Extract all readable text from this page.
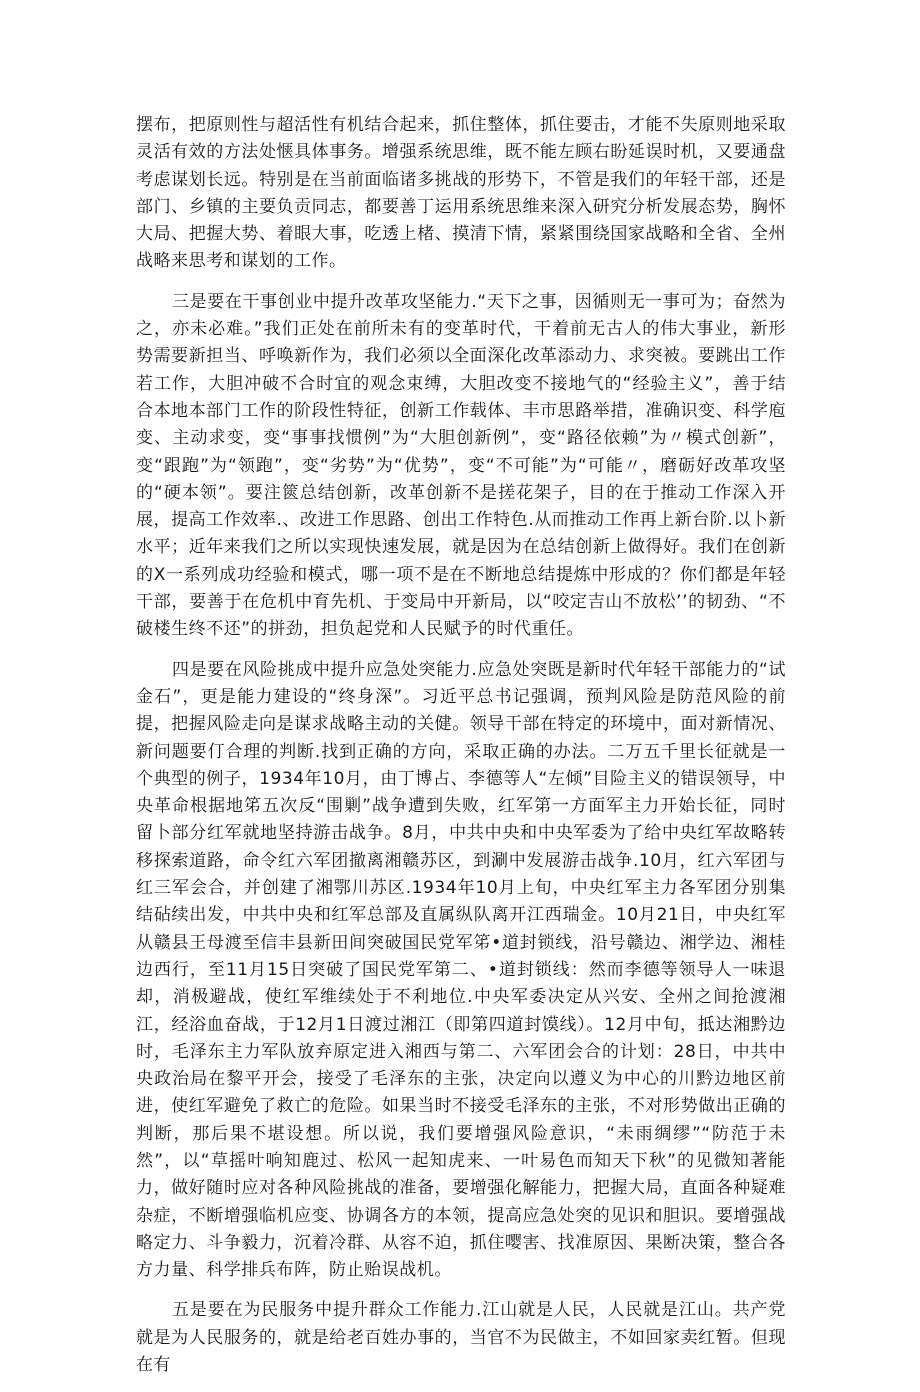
摆布，把原则性与超活性有机结合起来，抓住整体，抓住要击，才能不失原则地采取灵活有效的方法处惬具体事务。增强系统思维，既不能左顾右盼延误时机，又要通盘考虑谋划长远。特别是在当前面临诸多挑战的形势下，不管是我们的年轻干部，还是部门、乡镇的主要负贡同志，都要善丁运用系统思维来深入研究分析发展态势，胸怀大局、把握大势、着眼大事，吃透上楮、摸清下情，紧紧围绕国家战略和全省、全州战略来思考和谋划的工作。

三是要在干事创业中提升改革攻坚能力.“天下之事，因循则无一事可为；奋然为之，亦未必难。”我们正处在前所未有的变革时代，干着前无古人的伟大事业，新形势需要新担当、呼唤新作为，我们必须以全面深化改革添动力、求突被。要跳出工作若工作，大胆冲破不合时宜的观念束缚，大胆改变不接地气的“经验主义”，善于结合本地本部门工作的阶段性特征，创新工作载体、丰市思路举措，准确识变、科学庖变、主动求变，变“事事找惯例”为“大胆创新例”，变“路径依赖”为〃模式创新”，变“跟跑”为“领跑”，变“劣势”为“优势”，变“不可能”为“可能〃，磨砺好改革攻坚的“硬本领”。要注篋总结创新，改革创新不是搓花架子，目的在于推动工作深入开展，提高工作效率.、改进工作思路、创出工作特色.从而推动工作再上新台阶.以卜新水平；近年来我们之所以实现快速发展，就是因为在总结创新上做得好。我们在创新的X一系列成功经验和模式，哪一项不是在不断地总结提炼中形成的？你们都是年轻干部，要善于在危机中育先机、于变局中开新局，以“咬定吉山不放松’’的韧劲、“不破楼生终不还”的拼劲，担负起党和人民赋予的时代重任。

四是要在风险挑成中提升应急处突能力.应急处突既是新时代年轻干部能力的“试金石”，更是能力建设的“终身深”。习近平总书记强调，预判风险是防范风险的前提，把握风险走向是谋求战略主动的关健。领导干部在特定的环境中，面对新情况、新问题要仃合理的判断.找到正确的方向，采取正确的办法。二万五千里长征就是一个典型的例子，1934年10月，由丁博占、李德等人“左倾”目险主义的错误领导，中央革命根据地笫五次反“围剿”战争遭到失败，红军第一方面军主力开始长征，同时留卜部分红军就地坚持游击战争。8月，中共中央和中央军委为了给中央红军故略转移探索道路，命令红六军团撤离湘赣苏区，到涮中发展游击战争.10月，红六军团与红三军会合，并创建了湘鄂川苏区.1934年10月上旬，中央红军主力各军团分别集结砧续出发，中共中央和红军总部及直属纵队离开江西瑞金。10月21日，中央红军从赣县王母渡至信丰县新田间突破国民党军笫•道封锁线，沿号赣边、湘学边、湘桂边西行，至11月15日突破了国民党军第二、•道封锁线：然而李德等领导人一味退却，消极避战，使红军维续处于不利地位.中央军委决定从兴安、全州之间抢渡湘江，经浴血奋战，于12月1日渡过湘江（即第四道封馍线）。12月中旬，抵达湘黔边时，毛泽东主力军队放弃原定进入湘西与第二、六军团会合的计划：28日，中共中央政治局在黎平开会，接受了毛泽东的主张，决定向以遵义为中心的川黔边地区前进，使红军避免了救亡的危险。如果当时不接受毛泽东的主张，不对形势做出正确的判断，那后果不堪设想。所以说，我们要增强风险意识，“未雨绸缪”“防范于未然”，以“草摇叶响知鹿过、松风一起知虎来、一叶易色而知天下秋”的见微知著能力，做好随时应对各种风险挑战的准备，要增强化解能力，把握大局，直面各种疑难杂症，不断增强临机应变、协调各方的本领，提高应急处突的见识和胆识。要增强战略定力、斗争毅力，沉着冷群、从容不迫，抓住嘤害、找准原因、果断决策，整合各方力量、科学排兵布阵，防止贻误战机。

五是要在为民服务中提升群众工作能力.江山就是人民，人民就是江山。共产党就是为人民服务的，就是给老百姓办事的，当官不为民做主，不如回家卖红暂。但现在有
